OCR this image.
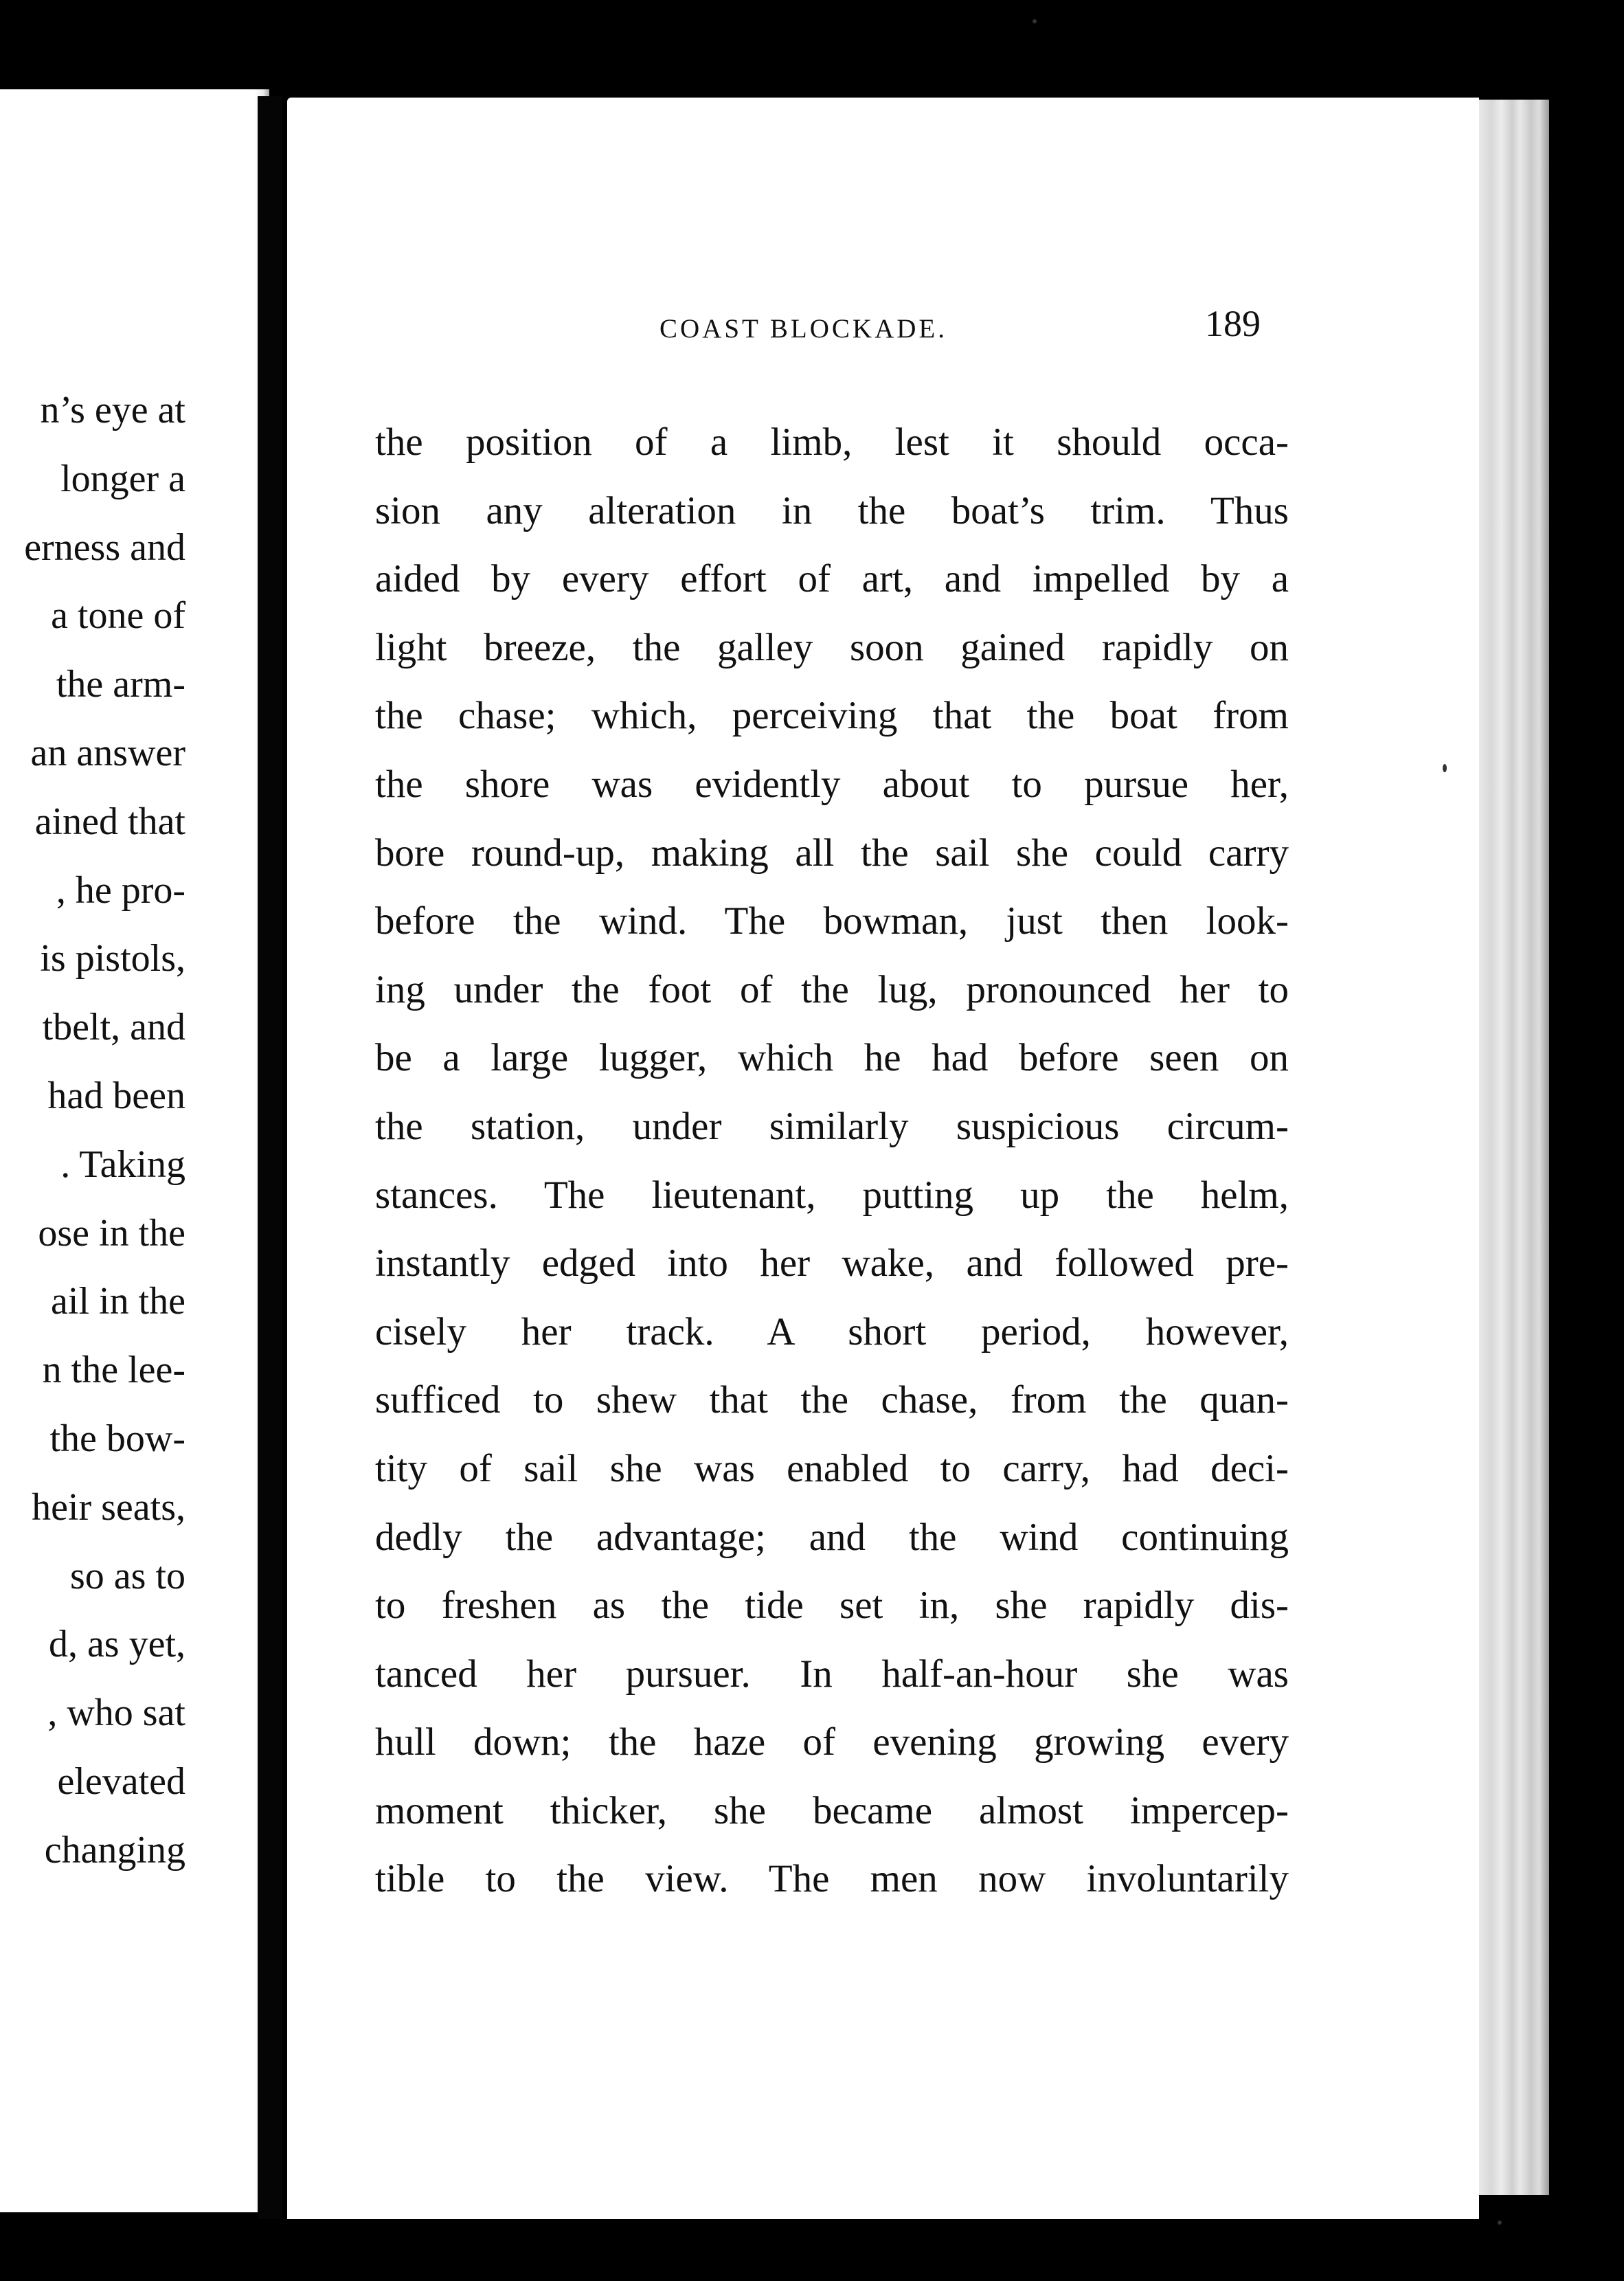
n’s eye at
longer a
erness and
a tone of
the arm-
an answer
ained that
, he pro-
is pistols,
tbelt, and
had been
. Taking
ose in the
ail in the
n the lee-
the bow-
heir seats,
so as to
d, as yet,
, who sat
elevated
changing
COAST BLOCKADE.	189
the position of a limb, lest it should occa-
sion any alteration in the boat’s trim. Thus
aided by every effort of art, and impelled by a
light breeze, the galley soon gained rapidly on
the chase; which, perceiving that the boat from
the shore was evidently about to pursue her,
bore round-up, making all the sail she could carry
before the wind. The bowman, just then look-
ing under the foot of the lug, pronounced her to
be a large lugger, which he had before seen on
the station, under similarly suspicious circum-
stances. The lieutenant, putting up the helm,
instantly edged into her wake, and followed pre-
cisely her track. A short period, however,
sufficed to shew that the chase, from the quan-
tity of sail she was enabled to carry, had deci-
dedly the advantage; and the wind continuing
to freshen as the tide set in, she rapidly dis-
tanced her pursuer. In half-an-hour she was
hull down; the haze of evening growing every
moment thicker, she became almost impercep-
tible to the view. The men now involuntarily
